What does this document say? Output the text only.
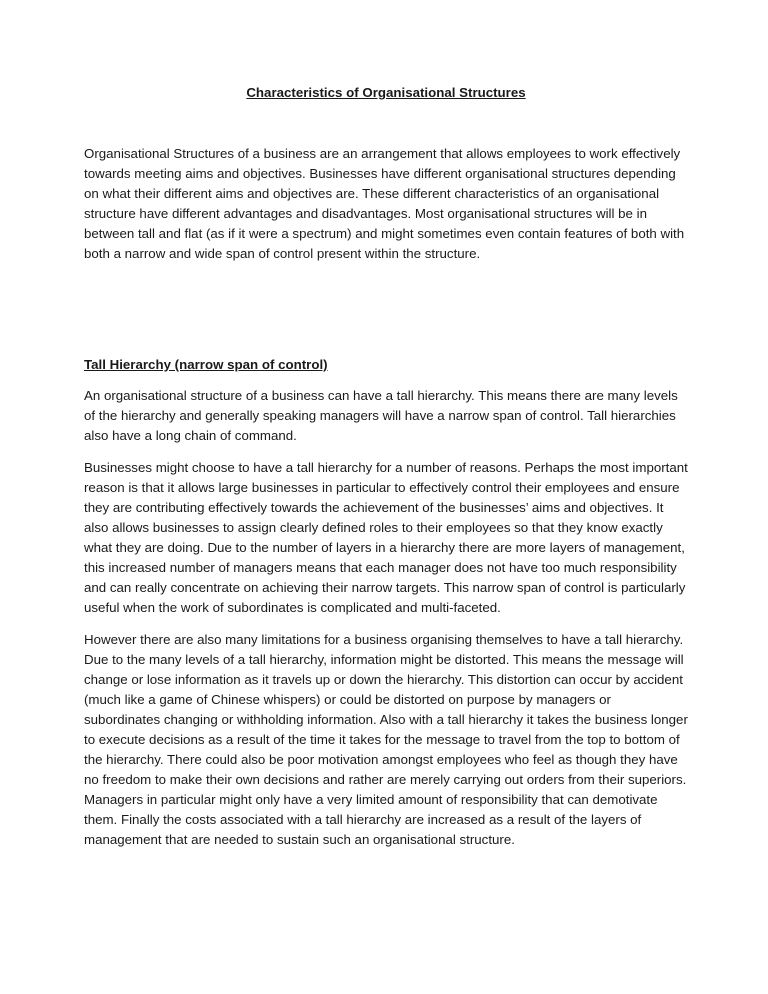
Characteristics of Organisational Structures

Organisational Structures of a business are an arrangement that allows employees to work effectively towards meeting aims and objectives. Businesses have different organisational structures depending on what their different aims and objectives are. These different characteristics of an organisational structure have different advantages and disadvantages. Most organisational structures will be in between tall and flat (as if it were a spectrum) and might sometimes even contain features of both with both a narrow and wide span of control present within the structure.

Tall Hierarchy (narrow span of control)

An organisational structure of a business can have a tall hierarchy. This means there are many levels of the hierarchy and generally speaking managers will have a narrow span of control. Tall hierarchies also have a long chain of command.

Businesses might choose to have a tall hierarchy for a number of reasons. Perhaps the most important reason is that it allows large businesses in particular to effectively control their employees and ensure they are contributing effectively towards the achievement of the businesses’ aims and objectives. It also allows businesses to assign clearly defined roles to their employees so that they know exactly what they are doing. Due to the number of layers in a hierarchy there are more layers of management, this increased number of managers means that each manager does not have too much responsibility and can really concentrate on achieving their narrow targets. This narrow span of control is particularly useful when the work of subordinates is complicated and multi-faceted.

However there are also many limitations for a business organising themselves to have a tall hierarchy. Due to the many levels of a tall hierarchy, information might be distorted. This means the message will change or lose information as it travels up or down the hierarchy. This distortion can occur by accident (much like a game of Chinese whispers) or could be distorted on purpose by managers or subordinates changing or withholding information. Also with a tall hierarchy it takes the business longer to execute decisions as a result of the time it takes for the message to travel from the top to bottom of the hierarchy. There could also be poor motivation amongst employees who feel as though they have no freedom to make their own decisions and rather are merely carrying out orders from their superiors. Managers in particular might only have a very limited amount of responsibility that can demotivate them. Finally the costs associated with a tall hierarchy are increased as a result of the layers of management that are needed to sustain such an organisational structure.
